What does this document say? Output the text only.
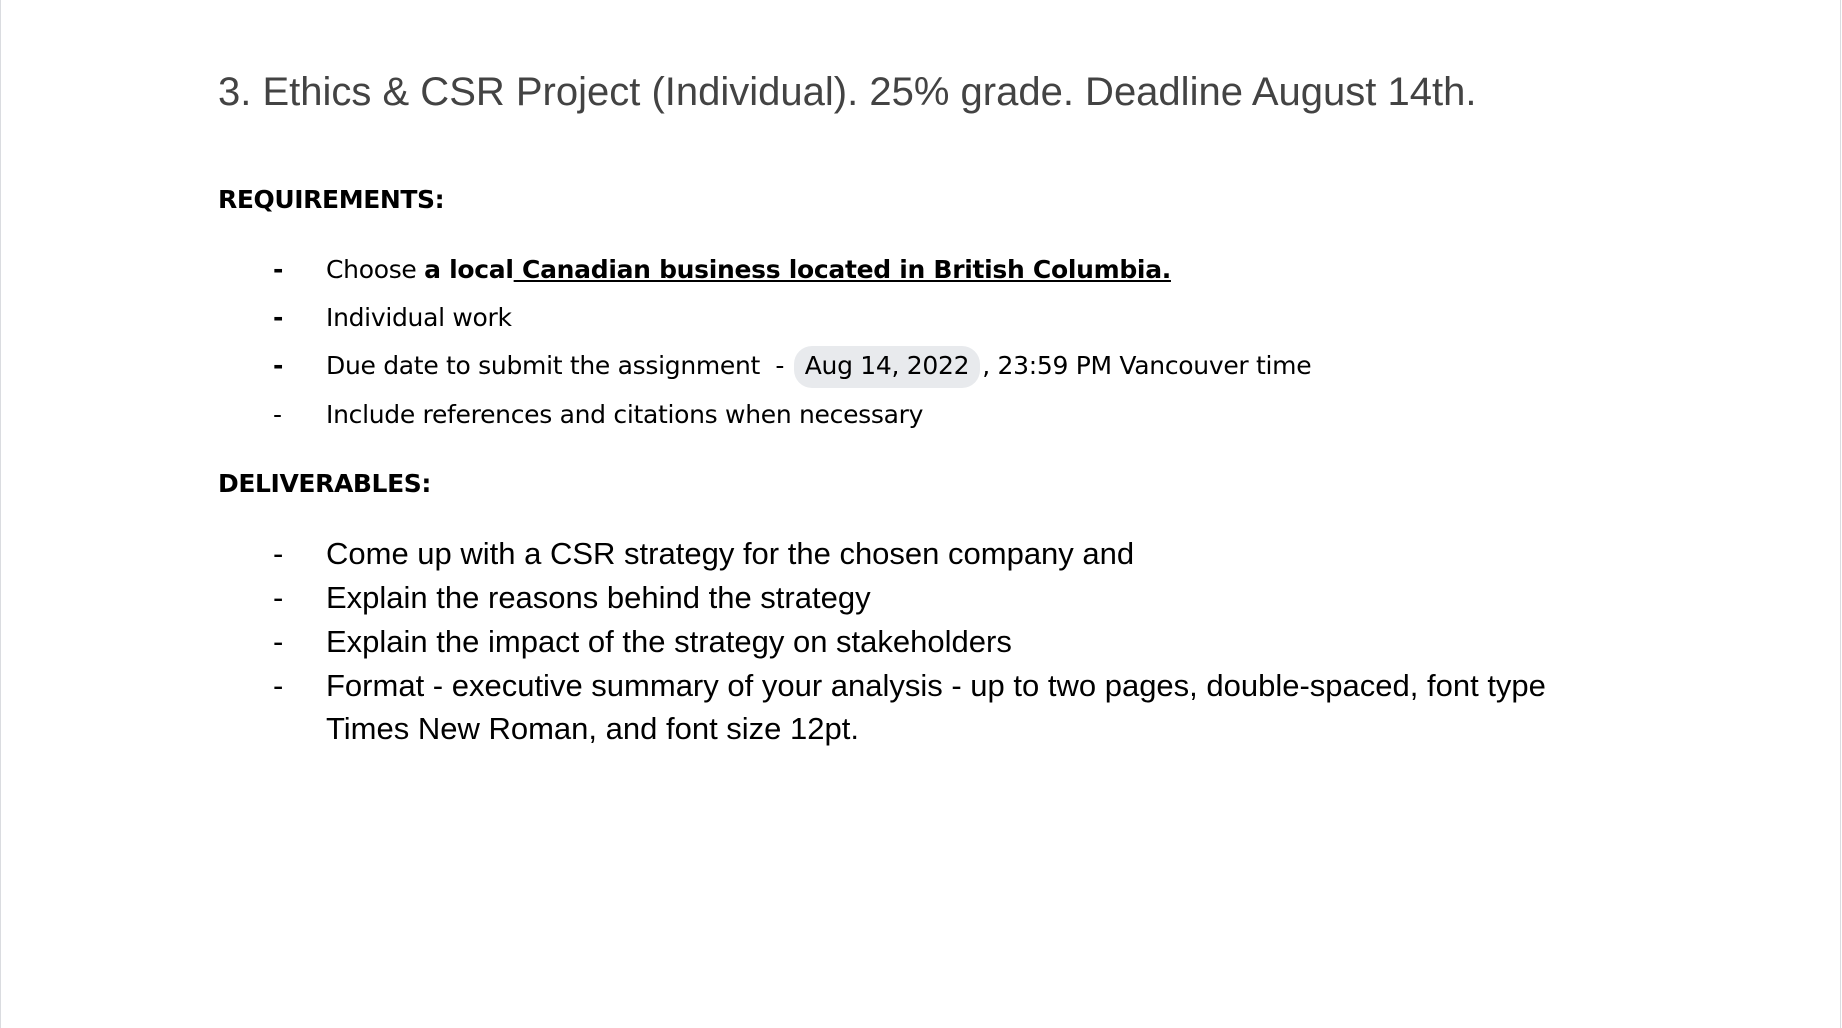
3. Ethics & CSR Project (Individual). 25% grade. Deadline August 14th.
REQUIREMENTS:
- Choose a local Canadian business located in British Columbia.
- Individual work
- Due date to submit the assignment  - Aug 14, 2022 , 23:59 PM Vancouver time
- Include references and citations when necessary
DELIVERABLES:
- Come up with a CSR strategy for the chosen company and
- Explain the reasons behind the strategy
- Explain the impact of the strategy on stakeholders
- Format - executive summary of your analysis - up to two pages, double-spaced, font type Times New Roman, and font size 12pt.
